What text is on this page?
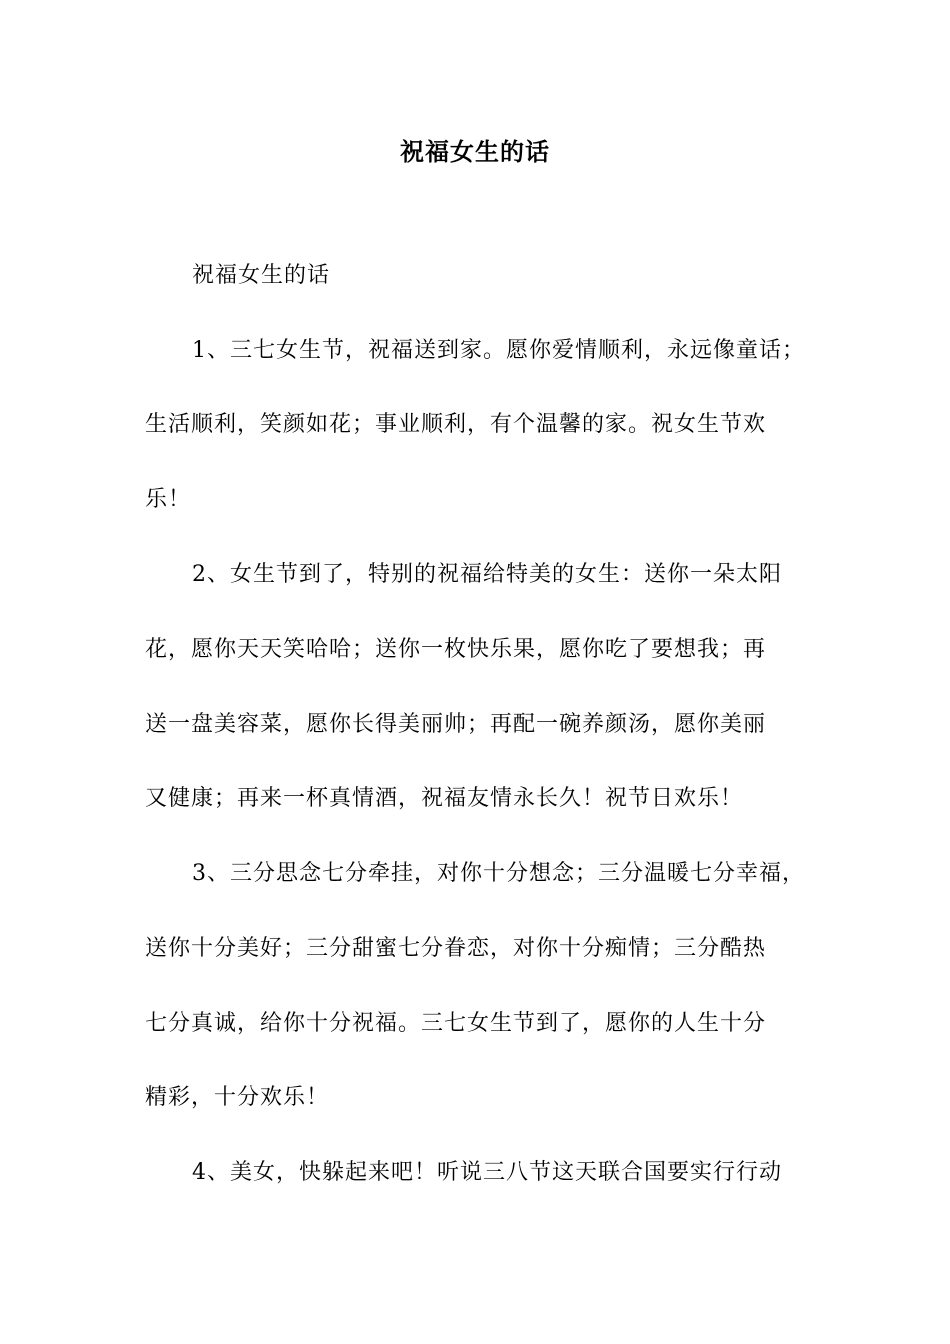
祝福女生的话
祝福女生的话
1、三七女生节，祝福送到家。愿你爱情顺利，永远像童话；
生活顺利，笑颜如花；事业顺利，有个温馨的家。祝女生节欢
乐！
2、女生节到了，特别的祝福给特美的女生：送你一朵太阳
花，愿你天天笑哈哈；送你一枚快乐果，愿你吃了要想我；再
送一盘美容菜，愿你长得美丽帅；再配一碗养颜汤，愿你美丽
又健康；再来一杯真情酒，祝福友情永长久！祝节日欢乐！
3、三分思念七分牵挂，对你十分想念；三分温暖七分幸福，
送你十分美好；三分甜蜜七分眷恋，对你十分痴情；三分酷热
七分真诚，给你十分祝福。三七女生节到了，愿你的人生十分
精彩，十分欢乐！
4、美女，快躲起来吧！听说三八节这天联合国要实行行动
